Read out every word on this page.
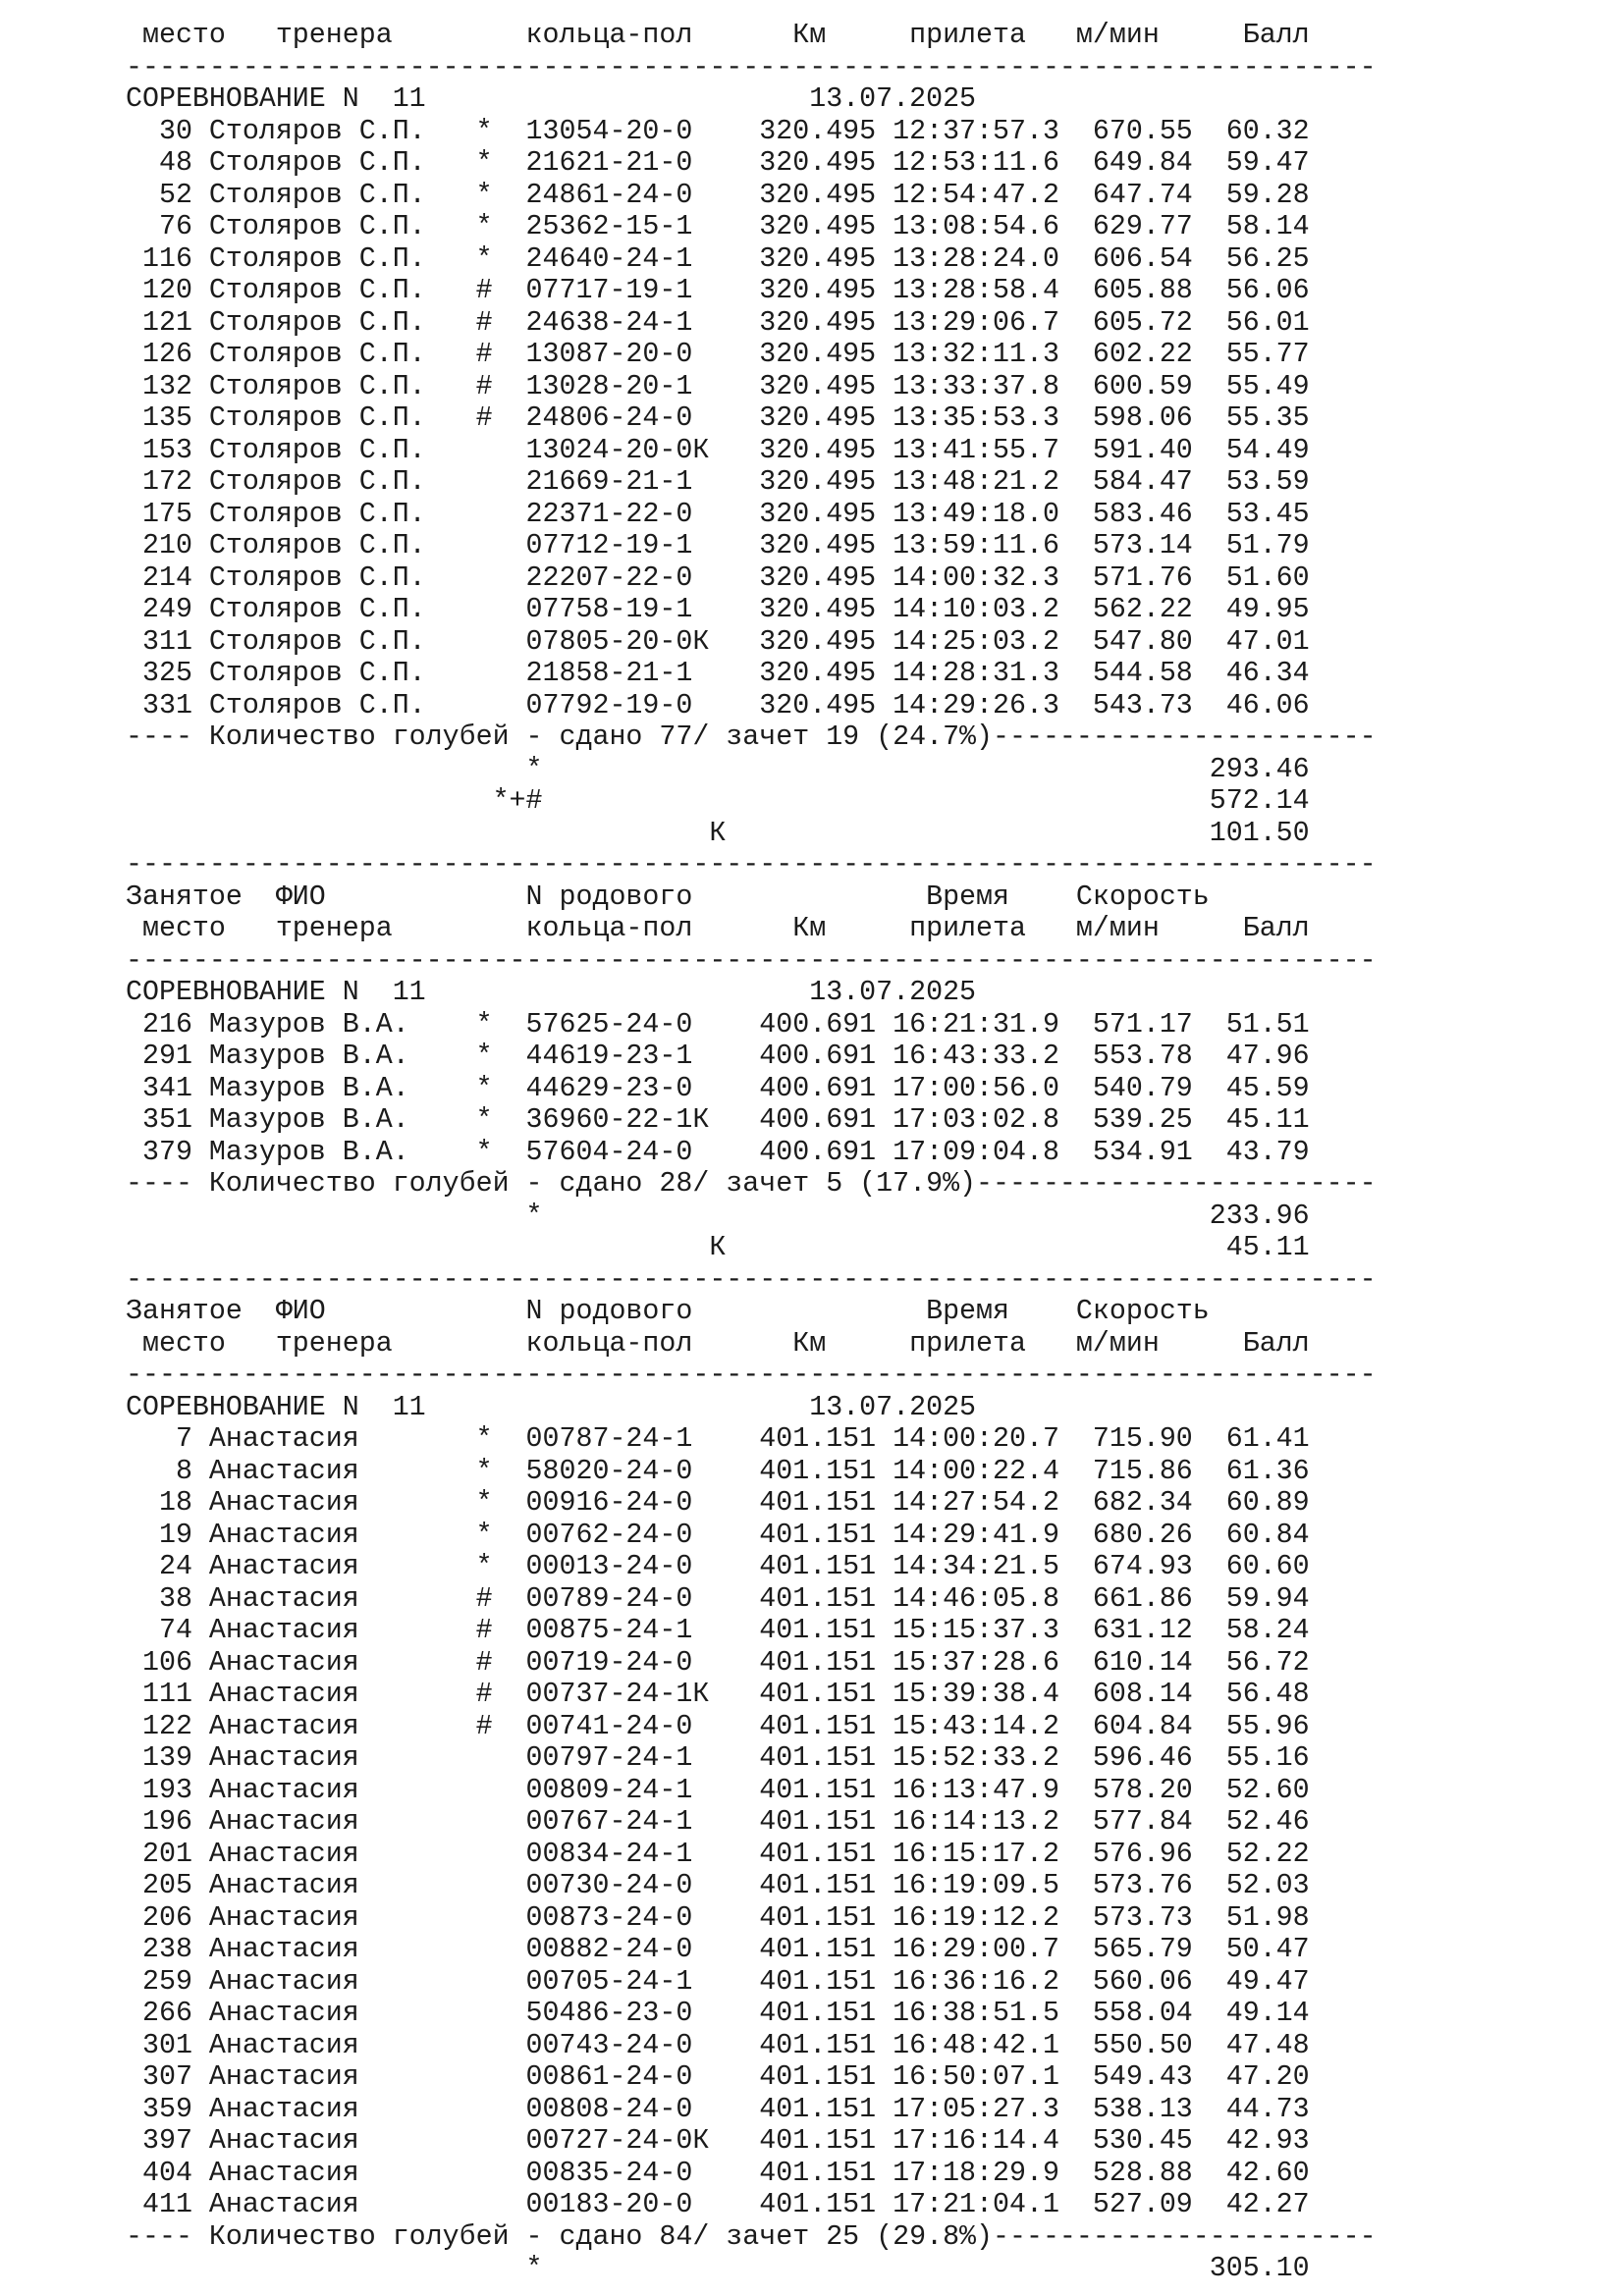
место   тренера        кольца-пол      Км     прилета   м/мин     Балл
---------------------------------------------------------------------------
СОРЕВНОВАНИЕ N  11                       13.07.2025
30 Столяров С.П.   *  13054-20-0    320.495 12:37:57.3  670.55  60.32
48 Столяров С.П.   *  21621-21-0    320.495 12:53:11.6  649.84  59.47
52 Столяров С.П.   *  24861-24-0    320.495 12:54:47.2  647.74  59.28
76 Столяров С.П.   *  25362-15-1    320.495 13:08:54.6  629.77  58.14
116 Столяров С.П.   *  24640-24-1    320.495 13:28:24.0  606.54  56.25
120 Столяров С.П.   #  07717-19-1    320.495 13:28:58.4  605.88  56.06
121 Столяров С.П.   #  24638-24-1    320.495 13:29:06.7  605.72  56.01
126 Столяров С.П.   #  13087-20-0    320.495 13:32:11.3  602.22  55.77
132 Столяров С.П.   #  13028-20-1    320.495 13:33:37.8  600.59  55.49
135 Столяров С.П.   #  24806-24-0    320.495 13:35:53.3  598.06  55.35
153 Столяров С.П.      13024-20-0К   320.495 13:41:55.7  591.40  54.49
172 Столяров С.П.      21669-21-1    320.495 13:48:21.2  584.47  53.59
175 Столяров С.П.      22371-22-0    320.495 13:49:18.0  583.46  53.45
210 Столяров С.П.      07712-19-1    320.495 13:59:11.6  573.14  51.79
214 Столяров С.П.      22207-22-0    320.495 14:00:32.3  571.76  51.60
249 Столяров С.П.      07758-19-1    320.495 14:10:03.2  562.22  49.95
311 Столяров С.П.      07805-20-0К   320.495 14:25:03.2  547.80  47.01
325 Столяров С.П.      21858-21-1    320.495 14:28:31.3  544.58  46.34
331 Столяров С.П.      07792-19-0    320.495 14:29:26.3  543.73  46.06
---- Количество голубей - сдано 77/ зачет 19 (24.7%)-----------------------
*                                        293.46
*+#                                        572.14
К                             101.50
---------------------------------------------------------------------------
Занятое  ФИО            N родового              Время    Скорость
место   тренера        кольца-пол      Км     прилета   м/мин     Балл
---------------------------------------------------------------------------
СОРЕВНОВАНИЕ N  11                       13.07.2025
216 Мазуров В.А.    *  57625-24-0    400.691 16:21:31.9  571.17  51.51
291 Мазуров В.А.    *  44619-23-1    400.691 16:43:33.2  553.78  47.96
341 Мазуров В.А.    *  44629-23-0    400.691 17:00:56.0  540.79  45.59
351 Мазуров В.А.    *  36960-22-1К   400.691 17:03:02.8  539.25  45.11
379 Мазуров В.А.    *  57604-24-0    400.691 17:09:04.8  534.91  43.79
---- Количество голубей - сдано 28/ зачет 5 (17.9%)------------------------
*                                        233.96
К                              45.11
---------------------------------------------------------------------------
Занятое  ФИО            N родового              Время    Скорость
место   тренера        кольца-пол      Км     прилета   м/мин     Балл
---------------------------------------------------------------------------
СОРЕВНОВАНИЕ N  11                       13.07.2025
7 Анастасия       *  00787-24-1    401.151 14:00:20.7  715.90  61.41
8 Анастасия       *  58020-24-0    401.151 14:00:22.4  715.86  61.36
18 Анастасия       *  00916-24-0    401.151 14:27:54.2  682.34  60.89
19 Анастасия       *  00762-24-0    401.151 14:29:41.9  680.26  60.84
24 Анастасия       *  00013-24-0    401.151 14:34:21.5  674.93  60.60
38 Анастасия       #  00789-24-0    401.151 14:46:05.8  661.86  59.94
74 Анастасия       #  00875-24-1    401.151 15:15:37.3  631.12  58.24
106 Анастасия       #  00719-24-0    401.151 15:37:28.6  610.14  56.72
111 Анастасия       #  00737-24-1К   401.151 15:39:38.4  608.14  56.48
122 Анастасия       #  00741-24-0    401.151 15:43:14.2  604.84  55.96
139 Анастасия          00797-24-1    401.151 15:52:33.2  596.46  55.16
193 Анастасия          00809-24-1    401.151 16:13:47.9  578.20  52.60
196 Анастасия          00767-24-1    401.151 16:14:13.2  577.84  52.46
201 Анастасия          00834-24-1    401.151 16:15:17.2  576.96  52.22
205 Анастасия          00730-24-0    401.151 16:19:09.5  573.76  52.03
206 Анастасия          00873-24-0    401.151 16:19:12.2  573.73  51.98
238 Анастасия          00882-24-0    401.151 16:29:00.7  565.79  50.47
259 Анастасия          00705-24-1    401.151 16:36:16.2  560.06  49.47
266 Анастасия          50486-23-0    401.151 16:38:51.5  558.04  49.14
301 Анастасия          00743-24-0    401.151 16:48:42.1  550.50  47.48
307 Анастасия          00861-24-0    401.151 16:50:07.1  549.43  47.20
359 Анастасия          00808-24-0    401.151 17:05:27.3  538.13  44.73
397 Анастасия          00727-24-0К   401.151 17:16:14.4  530.45  42.93
404 Анастасия          00835-24-0    401.151 17:18:29.9  528.88  42.60
411 Анастасия          00183-20-0    401.151 17:21:04.1  527.09  42.27
---- Количество голубей - сдано 84/ зачет 25 (29.8%)-----------------------
*                                        305.10
